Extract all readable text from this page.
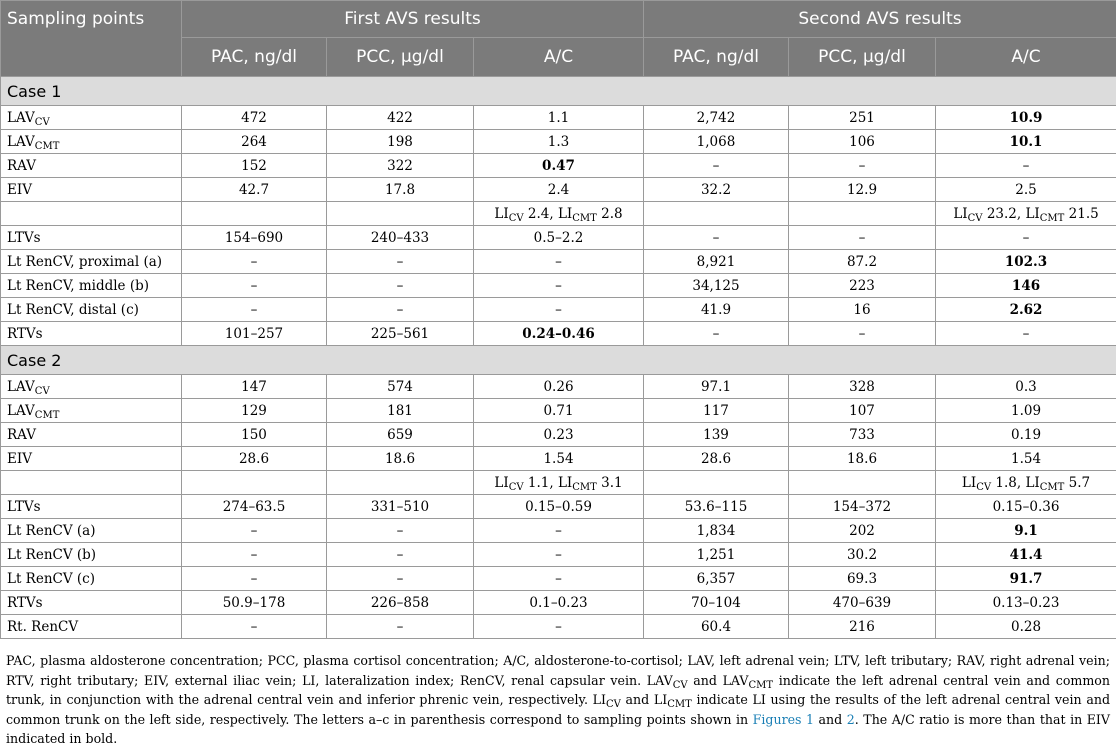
Sampling points	First AVS results			Second AVS results		
	PAC, ng/dl	PCC, µg/dl	A/C	PAC, ng/dl	PCC, µg/dl	A/C
Case 1						
$LAV_{CV}$	472	422	1.1	2,742	251	10.9
$LAV_{CMT}$	264	198	1.3	1,068	106	10.1
RAV	152	322	0.47	–	–	–
EIV	42.7	17.8	2.4	32.2	12.9	2.5
			$LI_{CV}$ 2.4, $LI_{CMT}$ 2.8			$LI_{CV}$ 23.2, $LI_{CMT}$ 21.5
LTVs	154–690	240–433	0.5–2.2	–	–	–
Lt RenCV, proximal (a)	–	–	–	8,921	87.2	102.3
Lt RenCV, middle (b)	–	–	–	34,125	223	146
Lt RenCV, distal (c)	–	–	–	41.9	16	2.62
RTVs	101–257	225–561	0.24–0.46	–	–	–
Case 2						
$LAV_{CV}$	147	574	0.26	97.1	328	0.3
$LAV_{CMT}$	129	181	0.71	117	107	1.09
RAV	150	659	0.23	139	733	0.19
EIV	28.6	18.6	1.54	28.6	18.6	1.54
			$LI_{CV}$ 1.1, $LI_{CMT}$ 3.1			$LI_{CV}$ 1.8, $LI_{CMT}$ 5.7
LTVs	274–63.5	331–510	0.15–0.59	53.6–115	154–372	0.15–0.36
Lt RenCV (a)	–	–	–	1,834	202	9.1
Lt RenCV (b)	–	–	–	1,251	30.2	41.4
Lt RenCV (c)	–	–	–	6,357	69.3	91.7
RTVs	50.9–178	226–858	0.1–0.23	70–104	470–639	0.13–0.23
Rt. RenCV	–	–	–	60.4	216	0.28
PAC, plasma aldosterone concentration; PCC, plasma cortisol concentration; A/C, aldosterone-to-cortisol; LAV, left adrenal vein; LTV, left tributary; RAV, right adrenal vein; RTV, right tributary; EIV, external iliac vein; LI, lateralization index; RenCV, renal capsular vein. $LAV_{CV}$ and $LAV_{CMT}$ indicate the left adrenal central vein and common trunk, in conjunction with the adrenal central vein and inferior phrenic vein, respectively. $LI_{CV}$ and $LI_{CMT}$ indicate LI using the results of the left adrenal central vein and common trunk on the left side, respectively. The letters a–c in parenthesis correspond to sampling points shown in Figures 1 and 2. The A/C ratio is more than that in EIV indicated in bold.
